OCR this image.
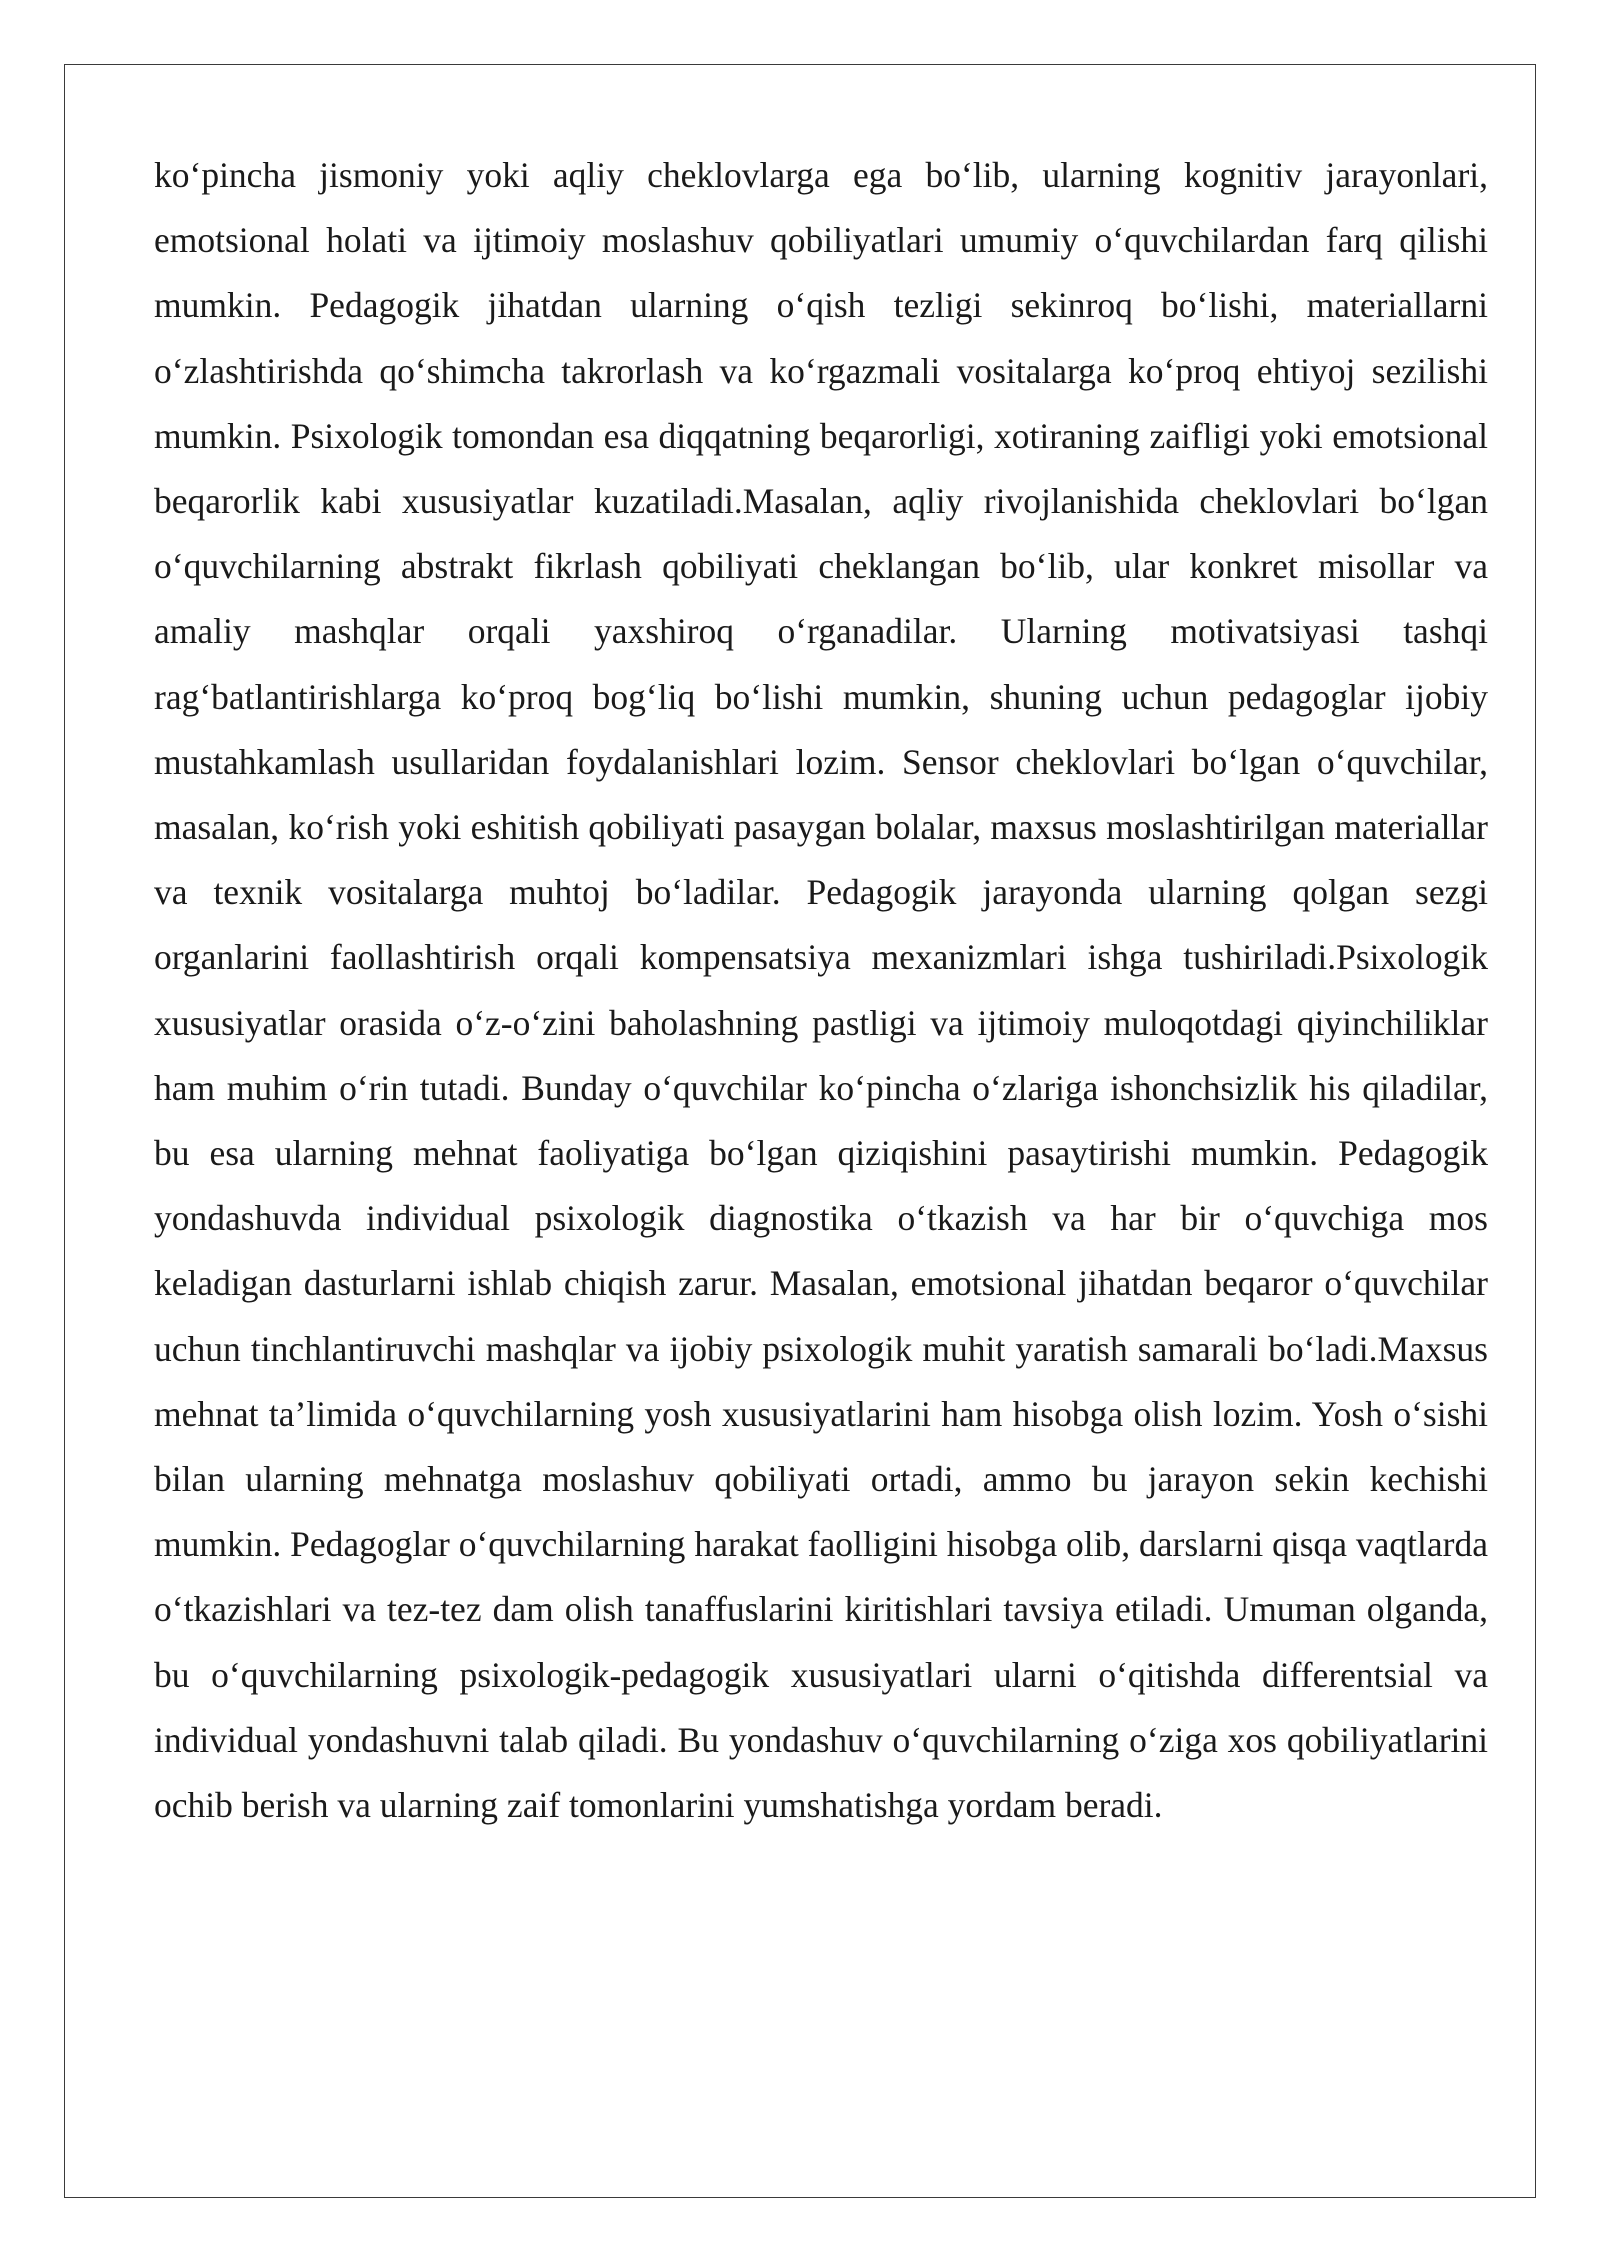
ko‘pincha jismoniy yoki aqliy cheklovlarga ega bo‘lib, ularning kognitiv jarayonlari, emotsional holati va ijtimoiy moslashuv qobiliyatlari umumiy o‘quvchilardan farq qilishi mumkin. Pedagogik jihatdan ularning o‘qish tezligi sekinroq bo‘lishi, materiallarni o‘zlashtirishda qo‘shimcha takrorlash va ko‘rgazmali vositalarga ko‘proq ehtiyoj sezilishi mumkin. Psixologik tomondan esa diqqatning beqarorligi, xotiraning zaifligi yoki emotsional beqarorlik kabi xususiyatlar kuzatiladi.Masalan, aqliy rivojlanishida cheklovlari bo‘lgan o‘quvchilarning abstrakt fikrlash qobiliyati cheklangan bo‘lib, ular konkret misollar va amaliy mashqlar orqali yaxshiroq o‘rganadilar. Ularning motivatsiyasi tashqi rag‘batlantirishlarga ko‘proq bog‘liq bo‘lishi mumkin, shuning uchun pedagoglar ijobiy mustahkamlash usullaridan foydalanishlari lozim. Sensor cheklovlari bo‘lgan o‘quvchilar, masalan, ko‘rish yoki eshitish qobiliyati pasaygan bolalar, maxsus moslashtirilgan materiallar va texnik vositalarga muhtoj bo‘ladilar. Pedagogik jarayonda ularning qolgan sezgi organlarini faollashtirish orqali kompensatsiya mexanizmlari ishga tushiriladi.Psixologik xususiyatlar orasida o‘z-o‘zini baholashning pastligi va ijtimoiy muloqotdagi qiyinchiliklar ham muhim o‘rin tutadi. Bunday o‘quvchilar ko‘pincha o‘zlariga ishonchsizlik his qiladilar, bu esa ularning mehnat faoliyatiga bo‘lgan qiziqishini pasaytirishi mumkin. Pedagogik yondashuvda individual psixologik diagnostika o‘tkazish va har bir o‘quvchiga mos keladigan dasturlarni ishlab chiqish zarur. Masalan, emotsional jihatdan beqaror o‘quvchilar uchun tinchlantiruvchi mashqlar va ijobiy psixologik muhit yaratish samarali bo‘ladi.Maxsus mehnat ta’limida o‘quvchilarning yosh xususiyatlarini ham hisobga olish lozim. Yosh o‘sishi bilan ularning mehnatga moslashuv qobiliyati ortadi, ammo bu jarayon sekin kechishi mumkin. Pedagoglar o‘quvchilarning harakat faolligini hisobga olib, darslarni qisqa vaqtlarda o‘tkazishlari va tez-tez dam olish tanaffuslarini kiritishlari tavsiya etiladi. Umuman olganda, bu o‘quvchilarning psixologik-pedagogik xususiyatlari ularni o‘qitishda differentsial va individual yondashuvni talab qiladi. Bu yondashuv o‘quvchilarning o‘ziga xos qobiliyatlarini ochib berish va ularning zaif tomonlarini yumshatishga yordam beradi.
